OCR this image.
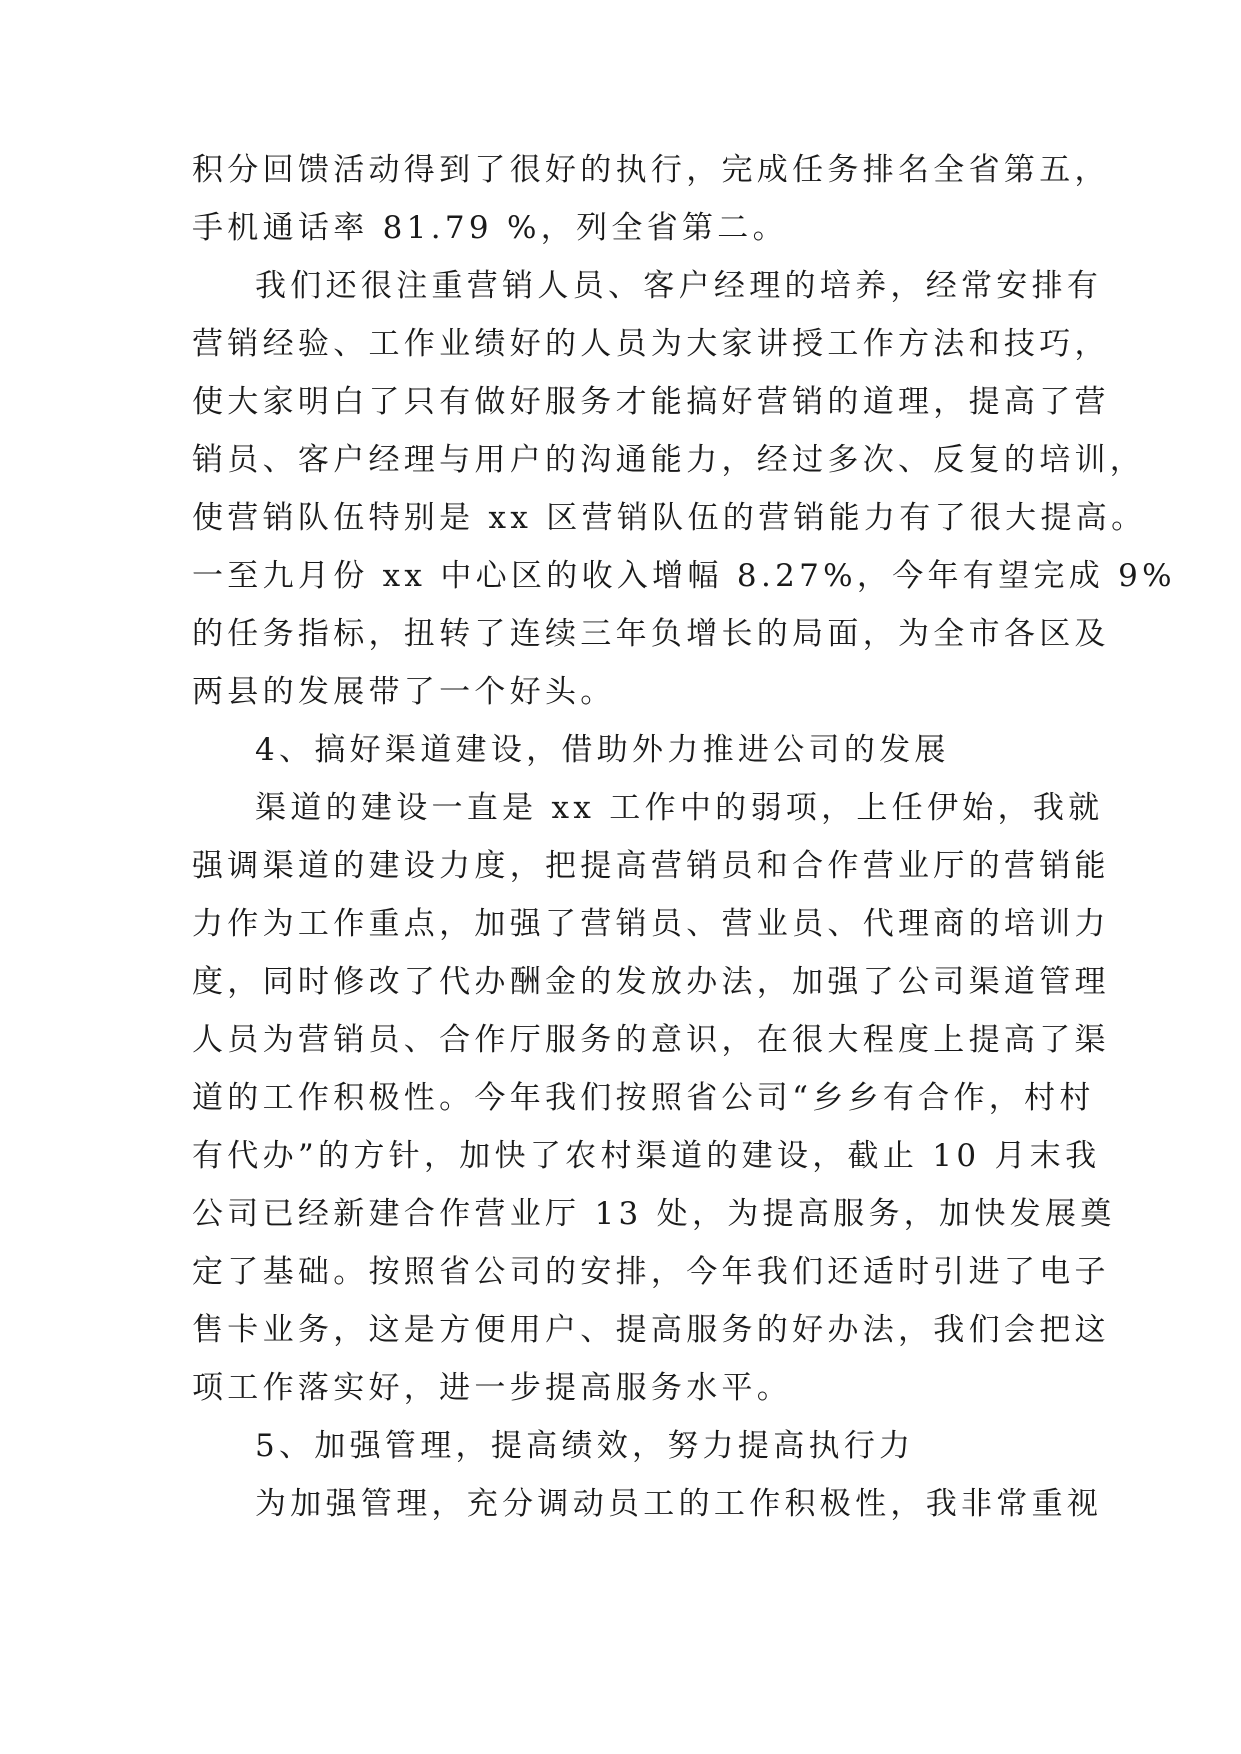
积分回馈活动得到了很好的执行，完成任务排名全省第五，
手机通话率 81.79 %，列全省第二。
我们还很注重营销人员、客户经理的培养，经常安排有
营销经验、工作业绩好的人员为大家讲授工作方法和技巧，
使大家明白了只有做好服务才能搞好营销的道理，提高了营
销员、客户经理与用户的沟通能力，经过多次、反复的培训，
使营销队伍特别是 xx 区营销队伍的营销能力有了很大提高。
一至九月份 xx 中心区的收入增幅 8.27%，今年有望完成 9%
的任务指标，扭转了连续三年负增长的局面，为全市各区及
两县的发展带了一个好头。
4、搞好渠道建设，借助外力推进公司的发展
渠道的建设一直是 xx 工作中的弱项，上任伊始，我就
强调渠道的建设力度，把提高营销员和合作营业厅的营销能
力作为工作重点，加强了营销员、营业员、代理商的培训力
度，同时修改了代办酬金的发放办法，加强了公司渠道管理
人员为营销员、合作厅服务的意识，在很大程度上提高了渠
道的工作积极性。今年我们按照省公司“乡乡有合作，村村
有代办”的方针，加快了农村渠道的建设，截止 10 月末我
公司已经新建合作营业厅 13 处，为提高服务，加快发展奠
定了基础。按照省公司的安排，今年我们还适时引进了电子
售卡业务，这是方便用户、提高服务的好办法，我们会把这
项工作落实好，进一步提高服务水平。
5、加强管理，提高绩效，努力提高执行力
为加强管理，充分调动员工的工作积极性，我非常重视
